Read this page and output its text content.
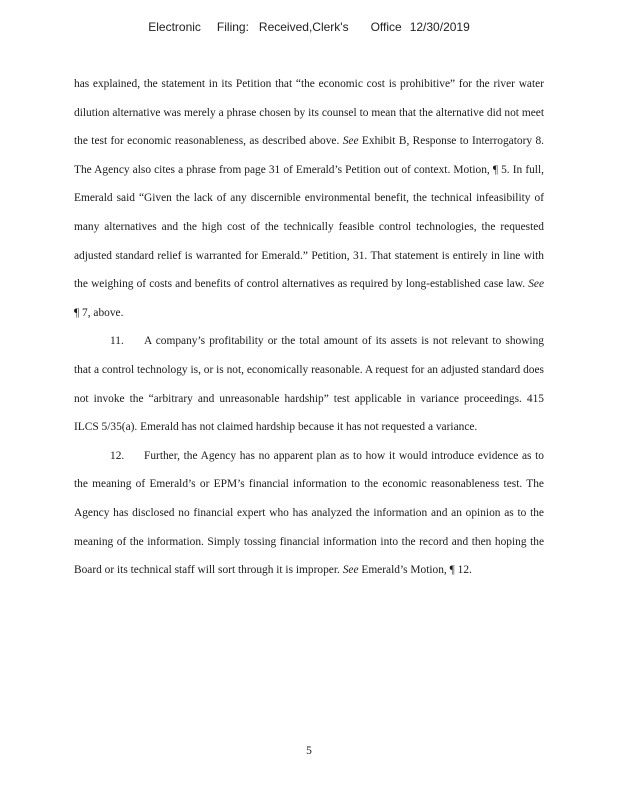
Electronic Filing: Received,Clerk's Office 12/30/2019

has explained, the statement in its Petition that “the economic cost is prohibitive” for the river water dilution alternative was merely a phrase chosen by its counsel to mean that the alternative did not meet the test for economic reasonableness, as described above. See Exhibit B, Response to Interrogatory 8. The Agency also cites a phrase from page 31 of Emerald’s Petition out of context. Motion, ¶ 5. In full, Emerald said “Given the lack of any discernible environmental benefit, the technical infeasibility of many alternatives and the high cost of the technically feasible control technologies, the requested adjusted standard relief is warranted for Emerald.” Petition, 31. That statement is entirely in line with the weighing of costs and benefits of control alternatives as required by long-established case law. See ¶ 7, above.

11. A company’s profitability or the total amount of its assets is not relevant to showing that a control technology is, or is not, economically reasonable. A request for an adjusted standard does not invoke the “arbitrary and unreasonable hardship” test applicable in variance proceedings. 415 ILCS 5/35(a). Emerald has not claimed hardship because it has not requested a variance.

12. Further, the Agency has no apparent plan as to how it would introduce evidence as to the meaning of Emerald’s or EPM’s financial information to the economic reasonableness test. The Agency has disclosed no financial expert who has analyzed the information and an opinion as to the meaning of the information. Simply tossing financial information into the record and then hoping the Board or its technical staff will sort through it is improper. See Emerald’s Motion, ¶ 12.

5
